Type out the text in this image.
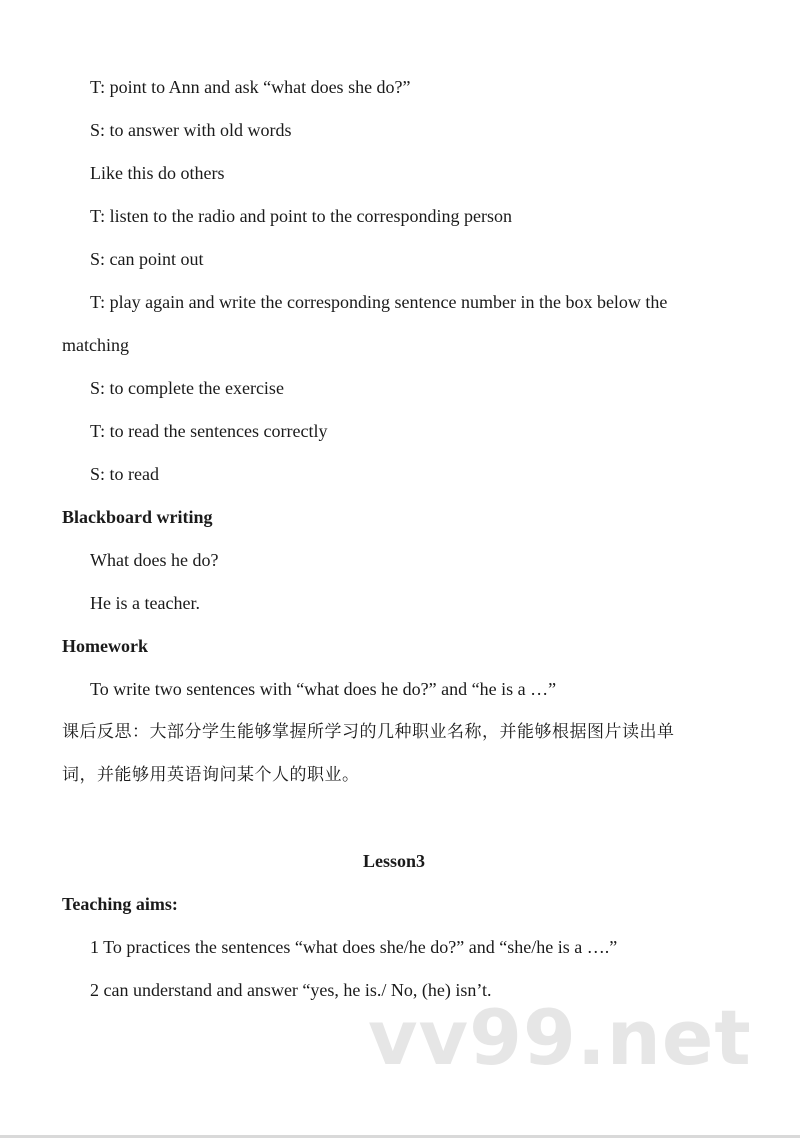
T: point to Ann and ask “what does she do?”
S: to answer with old words
Like this do others
T: listen to the radio and point to the corresponding person
S: can point out
T: play again and write the corresponding sentence number in the box below the
matching
S: to complete the exercise
T: to read the sentences correctly
S: to read
Blackboard writing
What does he do?
He is a teacher.
Homework
To write two sentences with “what does he do?” and “he is a …”
课后反思：大部分学生能够掌握所学习的几种职业名称，并能够根据图片读出单
词，并能够用英语询问某个人的职业。
Lesson3
Teaching aims:
1 To practices the sentences “what does she/he do?” and “she/he is a ….”
2 can understand and answer “yes, he is./ No, (he) isn’t.
vv99.net
